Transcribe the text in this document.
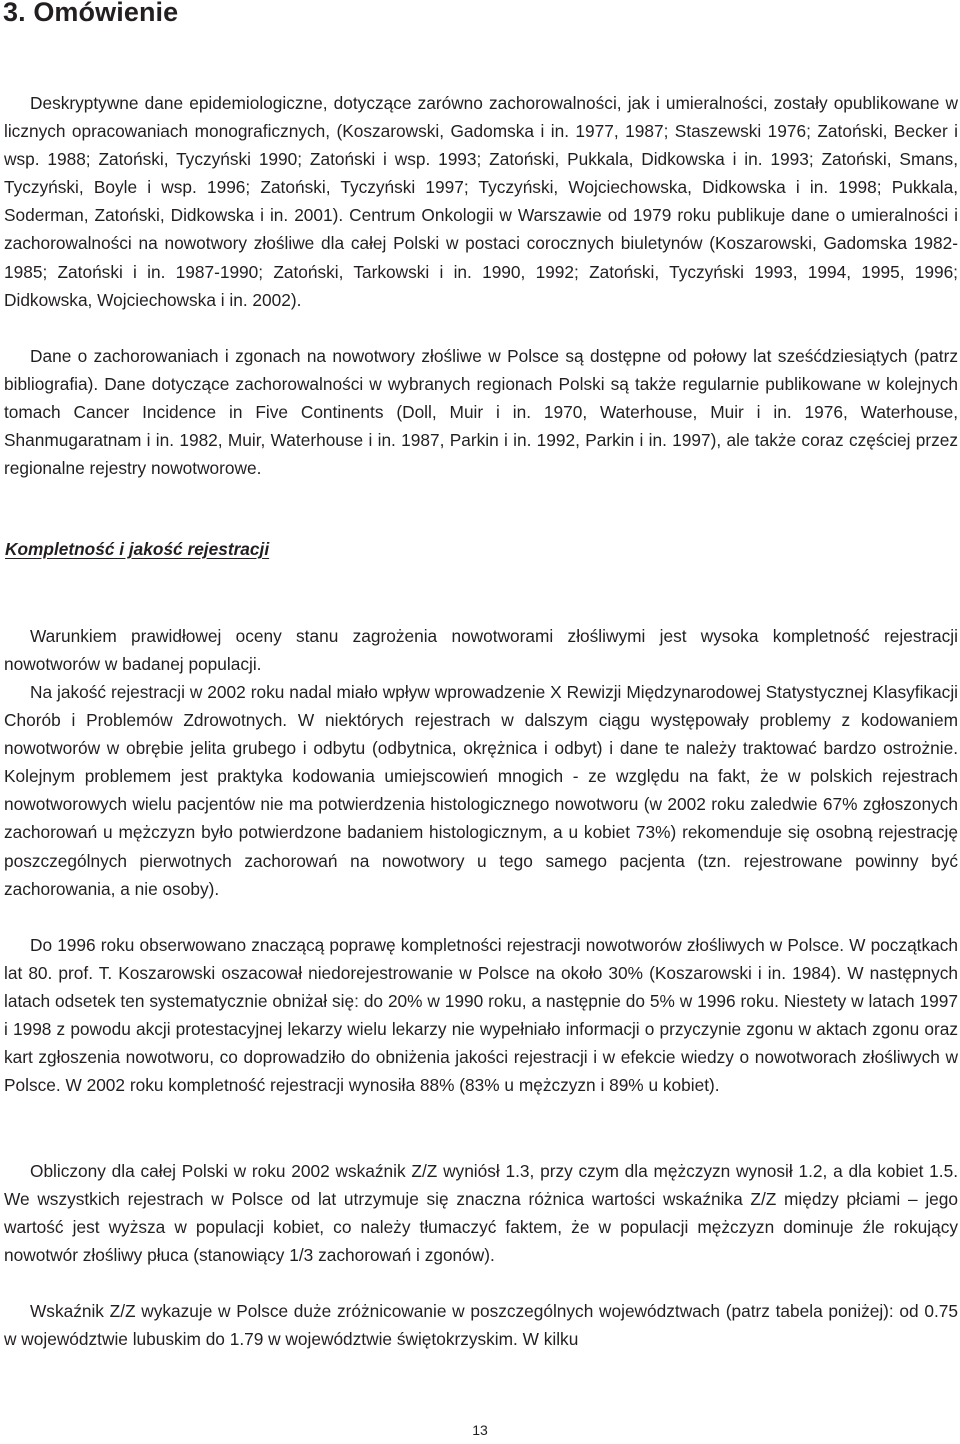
3. Omówienie

Deskryptywne dane epidemiologiczne, dotyczące zarówno zachorowalności, jak i umieralności, zostały opublikowane w licznych opracowaniach monograficznych, (Koszarowski, Gadomska i in. 1977, 1987; Staszewski 1976; Zatoński, Becker i wsp. 1988; Zatoński, Tyczyński 1990; Zatoński i wsp. 1993; Zatoński, Pukkala, Didkowska i in. 1993; Zatoński, Smans, Tyczyński, Boyle i wsp. 1996; Zatoński, Tyczyński 1997; Tyczyński, Wojciechowska, Didkowska i in. 1998; Pukkala, Soderman, Zatoński, Didkowska i in. 2001). Centrum Onkologii w Warszawie od 1979 roku publikuje dane o umieralności i zachorowalności na nowotwory złośliwe dla całej Polski w postaci corocznych biuletynów (Koszarowski, Gadomska 1982-1985; Zatoński i in. 1987-1990; Zatoński, Tarkowski i in. 1990, 1992; Zatoński, Tyczyński 1993, 1994, 1995, 1996; Didkowska, Wojciechowska i in. 2002).

Dane o zachorowaniach i zgonach na nowotwory złośliwe w Polsce są dostępne od połowy lat sześćdziesiątych (patrz bibliografia). Dane dotyczące zachorowalności w wybranych regionach Polski są także regularnie publikowane w kolejnych tomach Cancer Incidence in Five Continents (Doll, Muir i in. 1970, Waterhouse, Muir i in. 1976, Waterhouse, Shanmugaratnam i in. 1982, Muir, Waterhouse i in. 1987, Parkin i in. 1992, Parkin i in. 1997), ale także coraz częściej przez regionalne rejestry nowotworowe.

Kompletność i jakość rejestracji

Warunkiem prawidłowej oceny stanu zagrożenia nowotworami złośliwymi jest wysoka kompletność rejestracji nowotworów w badanej populacji.

Na jakość rejestracji w 2002 roku nadal miało wpływ wprowadzenie X Rewizji Międzynarodowej Statystycznej Klasyfikacji Chorób i Problemów Zdrowotnych. W niektórych rejestrach w dalszym ciągu występowały problemy z kodowaniem nowotworów w obrębie jelita grubego i odbytu (odbytnica, okrężnica i odbyt) i dane te należy traktować bardzo ostrożnie. Kolejnym problemem jest praktyka kodowania umiejscowień mnogich - ze względu na fakt, że w polskich rejestrach nowotworowych wielu pacjentów nie ma potwierdzenia histologicznego nowotworu (w 2002 roku zaledwie 67% zgłoszonych zachorowań u mężczyzn było potwierdzone badaniem histologicznym, a u kobiet 73%) rekomenduje się osobną rejestrację poszczególnych pierwotnych zachorowań na nowotwory u tego samego pacjenta (tzn. rejestrowane powinny być zachorowania, a nie osoby).

Do 1996 roku obserwowano znaczącą poprawę kompletności rejestracji nowotworów złośliwych w Polsce. W początkach lat 80. prof. T. Koszarowski oszacował niedorejestrowanie w Polsce na około 30% (Koszarowski i in. 1984). W następnych latach odsetek ten systematycznie obniżał się: do 20% w 1990 roku, a następnie do 5% w 1996 roku. Niestety w latach 1997 i 1998 z powodu akcji protestacyjnej lekarzy wielu lekarzy nie wypełniało informacji o przyczynie zgonu w aktach zgonu oraz kart zgłoszenia nowotworu, co doprowadziło do obniżenia jakości rejestracji i w efekcie wiedzy o nowotworach złośliwych w Polsce. W 2002 roku kompletność rejestracji wynosiła 88% (83% u mężczyzn i 89% u kobiet).

Obliczony dla całej Polski w roku 2002 wskaźnik Z/Z wyniósł 1.3, przy czym dla mężczyzn wynosił 1.2, a dla kobiet 1.5. We wszystkich rejestrach w Polsce od lat utrzymuje się znaczna różnica wartości wskaźnika Z/Z między płciami – jego wartość jest wyższa w populacji kobiet, co należy tłumaczyć faktem, że w populacji mężczyzn dominuje źle rokujący nowotwór złośliwy płuca (stanowiący 1/3 zachorowań i zgonów).

Wskaźnik Z/Z wykazuje w Polsce duże zróżnicowanie w poszczególnych województwach (patrz tabela poniżej): od 0.75 w województwie lubuskim do 1.79 w województwie świętokrzyskim. W kilku

13
